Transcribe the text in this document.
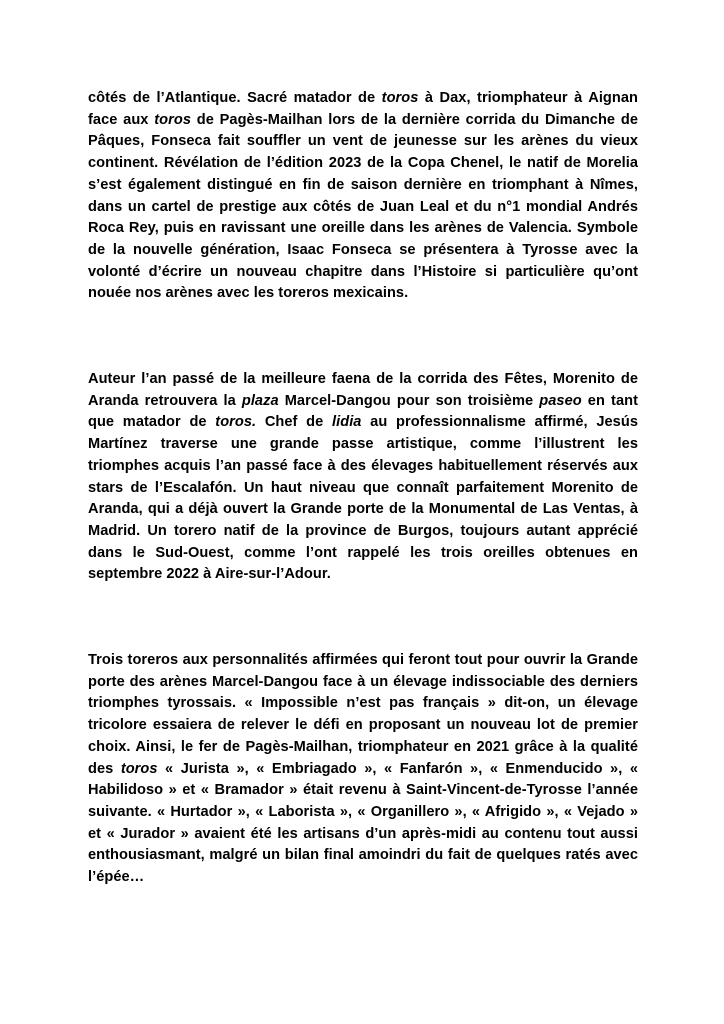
côtés de l’Atlantique. Sacré matador de toros à Dax, triomphateur à Aignan face aux toros de Pagès-Mailhan lors de la dernière corrida du Dimanche de Pâques, Fonseca fait souffler un vent de jeunesse sur les arènes du vieux continent. Révélation de l’édition 2023 de la Copa Chenel, le natif de Morelia s’est également distingué en fin de saison dernière en triomphant à Nîmes, dans un cartel de prestige aux côtés de Juan Leal et du n°1 mondial Andrés Roca Rey, puis en ravissant une oreille dans les arènes de Valencia. Symbole de la nouvelle génération, Isaac Fonseca se présentera à Tyrosse avec la volonté d’écrire un nouveau chapitre dans l’Histoire si particulière qu’ont nouée nos arènes avec les toreros mexicains.

Auteur l’an passé de la meilleure faena de la corrida des Fêtes, Morenito de Aranda retrouvera la plaza Marcel-Dangou pour son troisième paseo en tant que matador de toros. Chef de lidia au professionnalisme affirmé, Jesús Martínez traverse une grande passe artistique, comme l’illustrent les triomphes acquis l’an passé face à des élevages habituellement réservés aux stars de l’Escalafón. Un haut niveau que connaît parfaitement Morenito de Aranda, qui a déjà ouvert la Grande porte de la Monumental de Las Ventas, à Madrid. Un torero natif de la province de Burgos, toujours autant apprécié dans le Sud-Ouest, comme l’ont rappelé les trois oreilles obtenues en septembre 2022 à Aire-sur-l’Adour.

Trois toreros aux personnalités affirmées qui feront tout pour ouvrir la Grande porte des arènes Marcel-Dangou face à un élevage indissociable des derniers triomphes tyrossais. « Impossible n’est pas français » dit-on, un élevage tricolore essaiera de relever le défi en proposant un nouveau lot de premier choix. Ainsi, le fer de Pagès-Mailhan, triomphateur en 2021 grâce à la qualité des toros « Jurista », « Embriagado », « Fanfarón », « Enmenducido », « Habilidoso » et « Bramador » était revenu à Saint-Vincent-de-Tyrosse l’année suivante. « Hurtador », « Laborista », « Organillero », « Afrigido », « Vejado » et « Jurador » avaient été les artisans d’un après-midi au contenu tout aussi enthousiasmant, malgré un bilan final amoindri du fait de quelques ratés avec l’épée…
